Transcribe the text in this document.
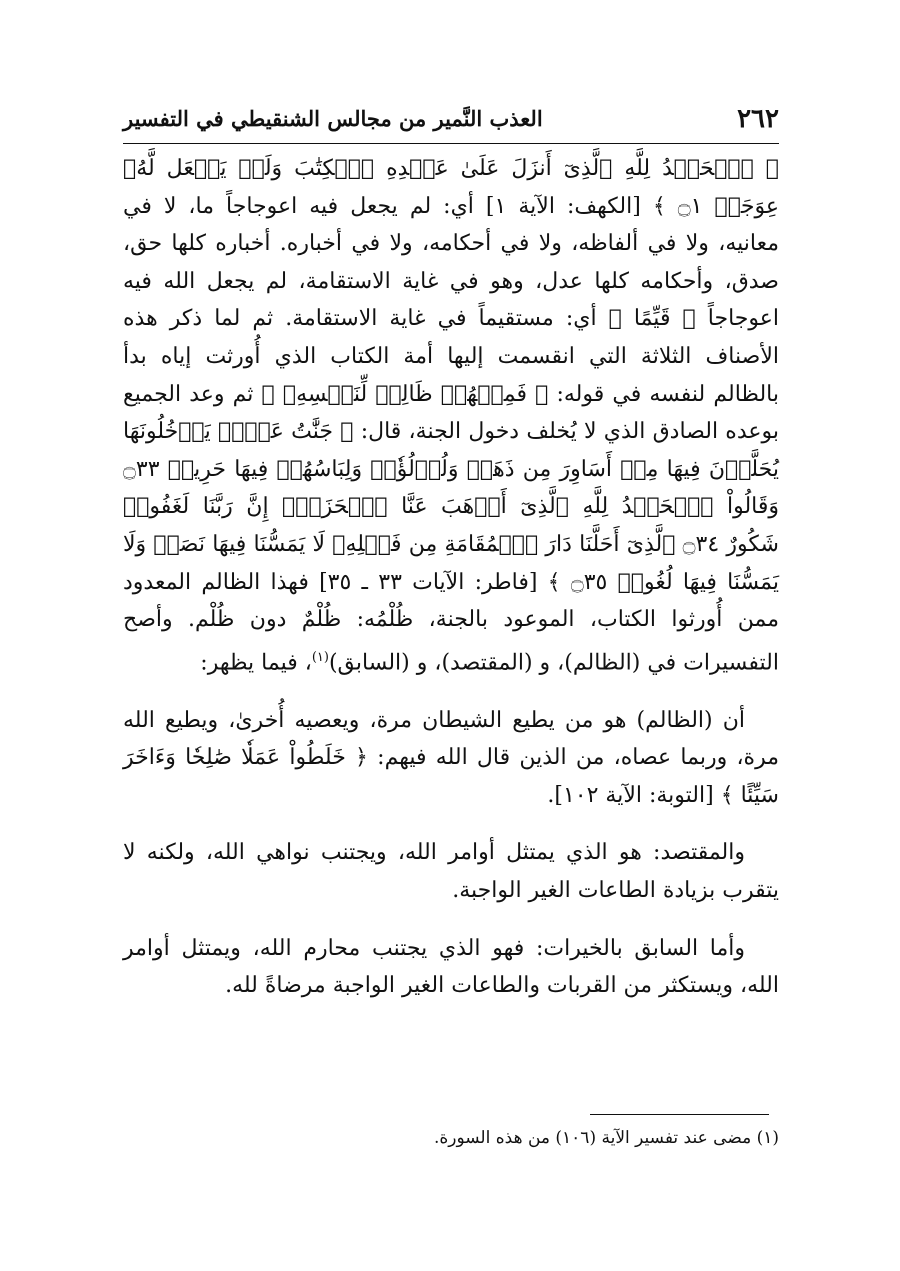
٢٦٢
العذب النَّمير من مجالس الشنقيطي في التفسير

﴿ ٱلۡحَمۡدُ لِلَّهِ ٱلَّذِىٓ أَنزَلَ عَلَىٰ عَبۡدِهِ ٱلۡكِتَٰبَ وَلَمۡ يَجۡعَل لَّهُۥ عِوَجَاۜ ۝١ ﴾ [الكهف: الآية ١] أي: لم يجعل فيه اعوجاجاً ما، لا في معانيه، ولا في ألفاظه، ولا في أحكامه، ولا في أخباره. أخباره كلها حق، صدق، وأحكامه كلها عدل، وهو في غاية الاستقامة، لم يجعل الله فيه اعوجاجاً ﴿ قَيِّمًا ﴾ أي: مستقيماً في غاية الاستقامة. ثم لما ذكر هذه الأصناف الثلاثة التي انقسمت إليها أمة الكتاب الذي أُورثت إياه بدأ بالظالم لنفسه في قوله: ﴿ فَمِنۡهُمۡ ظَالِمٞ لِّنَفۡسِهِۦ ﴾ ثم وعد الجميع بوعده الصادق الذي لا يُخلف دخول الجنة، قال: ﴿ جَنَّٰتُ عَدۡنٖ يَدۡخُلُونَهَا يُحَلَّوۡنَ فِيهَا مِنۡ أَسَاوِرَ مِن ذَهَبٖ وَلُؤۡلُؤٗاۖ وَلِبَاسُهُمۡ فِيهَا حَرِيرٞ ۝٣٣ وَقَالُواْ ٱلۡحَمۡدُ لِلَّهِ ٱلَّذِىٓ أَذۡهَبَ عَنَّا ٱلۡحَزَنَۖ إِنَّ رَبَّنَا لَغَفُورٞ شَكُورٌ ۝٣٤ ٱلَّذِىٓ أَحَلَّنَا دَارَ ٱلۡمُقَامَةِ مِن فَضۡلِهِۦ لَا يَمَسُّنَا فِيهَا نَصَبٞ وَلَا يَمَسُّنَا فِيهَا لُغُوبٞ ۝٣٥ ﴾ [فاطر: الآيات ٣٣ ـ ٣٥] فهذا الظالم المعدود ممن أُورثوا الكتاب، الموعود بالجنة، ظُلْمُه: ظُلْمٌ دون ظُلْم. وأصح التفسيرات في (الظالم)، و (المقتصد)، و (السابق)$^{(١)}$، فيما يظهر:

أن (الظالم) هو من يطيع الشيطان مرة، ويعصيه أُخرىٰ، ويطيع الله مرة، وربما عصاه، من الذين قال الله فيهم: ﴿ خَلَطُواْ عَمَلٗا صَٰلِحٗا وَءَاخَرَ سَيِّئًا ﴾ [التوبة: الآية ١٠٢].

والمقتصد: هو الذي يمتثل أوامر الله، ويجتنب نواهي الله، ولكنه لا يتقرب بزيادة الطاعات الغير الواجبة.

وأما السابق بالخيرات: فهو الذي يجتنب محارم الله، ويمتثل أوامر الله، ويستكثر من القربات والطاعات الغير الواجبة مرضاةً لله.

(١) مضى عند تفسير الآية (١٠٦) من هذه السورة.
